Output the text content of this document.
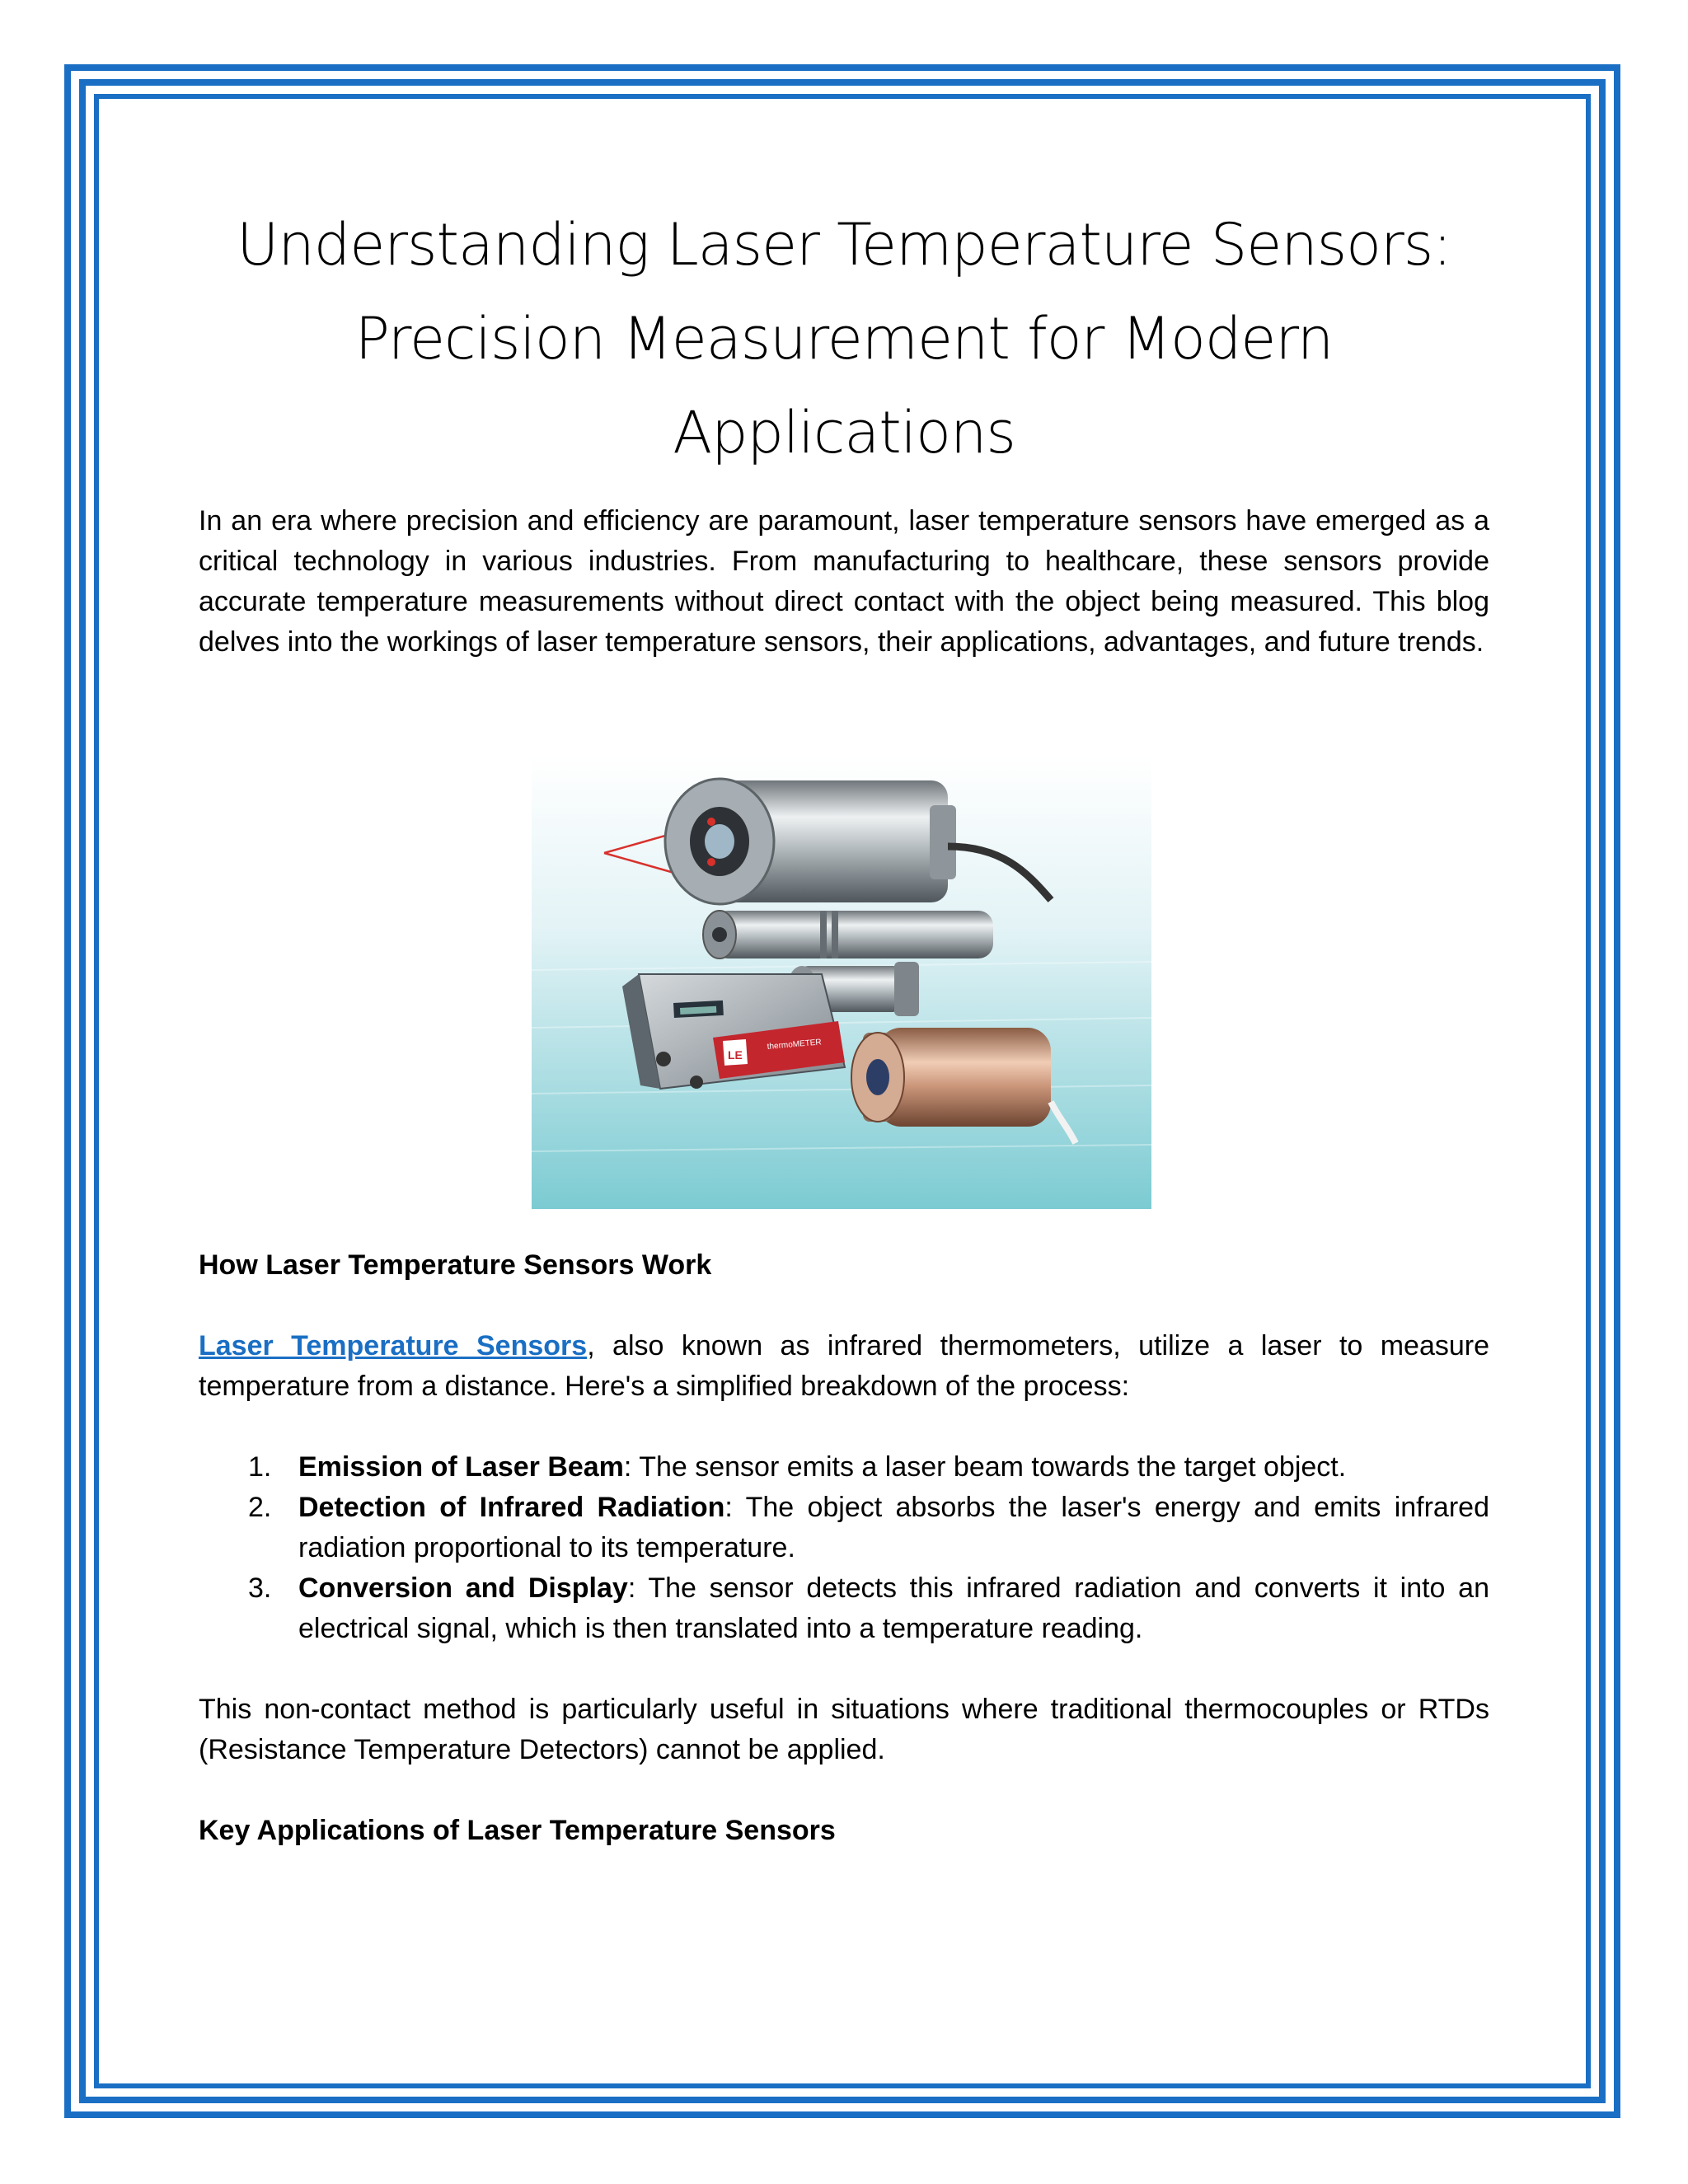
Understanding Laser Temperature Sensors: Precision Measurement for Modern Applications

In an era where precision and efficiency are paramount, laser temperature sensors have emerged as a critical technology in various industries. From manufacturing to healthcare, these sensors provide accurate temperature measurements without direct contact with the object being measured. This blog delves into the workings of laser temperature sensors, their applications, advantages, and future trends.

LE
thermoMETER

How Laser Temperature Sensors Work

Laser Temperature Sensors, also known as infrared thermometers, utilize a laser to measure temperature from a distance. Here's a simplified breakdown of the process:

1. Emission of Laser Beam: The sensor emits a laser beam towards the target object.
2. Detection of Infrared Radiation: The object absorbs the laser's energy and emits infrared radiation proportional to its temperature.
3. Conversion and Display: The sensor detects this infrared radiation and converts it into an electrical signal, which is then translated into a temperature reading.

This non-contact method is particularly useful in situations where traditional thermocouples or RTDs (Resistance Temperature Detectors) cannot be applied.

Key Applications of Laser Temperature Sensors
